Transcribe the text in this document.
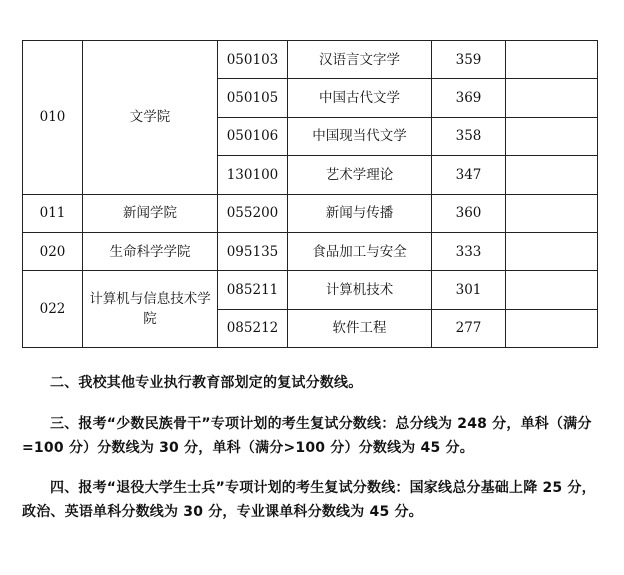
010	文学院	050103	汉语言文字学	359	
		050105	中国古代文学	369	
		050106	中国现当代文学	358	
		130100	艺术学理论	347	
011	新闻学院	055200	新闻与传播	360	
020	生命科学学院	095135	食品加工与安全	333	
022	计算机与信息技术学院	085211	计算机技术	301	
		085212	软件工程	277	

二、我校其他专业执行教育部划定的复试分数线。

三、报考“少数民族骨干”专项计划的考生复试分数线：总分线为 248 分，单科（满分=100 分）分数线为 30 分，单科（满分>100 分）分数线为 45 分。

四、报考“退役大学生士兵”专项计划的考生复试分数线：国家线总分基础上降 25 分，政治、英语单科分数线为 30 分，专业课单科分数线为 45 分。
